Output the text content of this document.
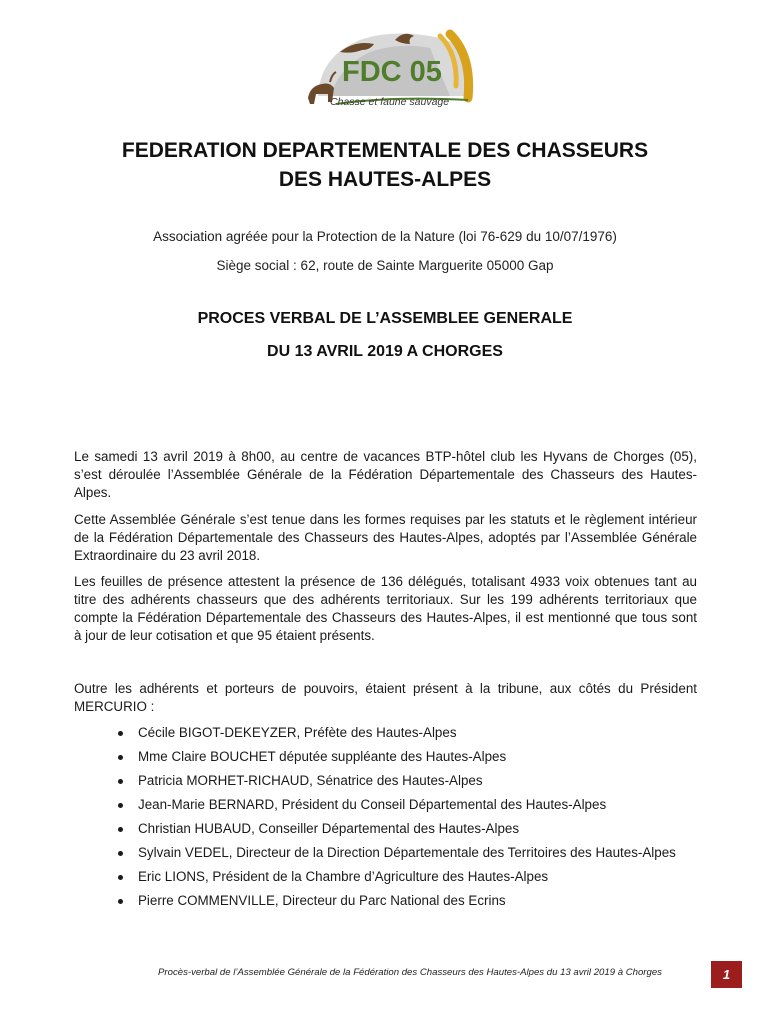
FDC 05
Chasse et faune sauvage
FEDERATION DEPARTEMENTALE DES CHASSEURS
DES HAUTES-ALPES
Association agréée pour la Protection de la Nature (loi 76-629 du 10/07/1976)
Siège social : 62, route de Sainte Marguerite 05000 Gap
PROCES VERBAL DE L’ASSEMBLEE GENERALE
DU 13 AVRIL 2019 A CHORGES
Le samedi 13 avril 2019 à 8h00, au centre de vacances BTP-hôtel club les Hyvans de Chorges (05), s’est déroulée l’Assemblée Générale de la Fédération Départementale des Chasseurs des Hautes-Alpes.
Cette Assemblée Générale s’est tenue dans les formes requises par les statuts et le règlement intérieur de la Fédération Départementale des Chasseurs des Hautes-Alpes, adoptés par l’Assemblée Générale Extraordinaire du 23 avril 2018.
Les feuilles de présence attestent la présence de 136 délégués, totalisant 4933 voix obtenues tant au titre des adhérents chasseurs que des adhérents territoriaux. Sur les 199 adhérents territoriaux que compte la Fédération Départementale des Chasseurs des Hautes-Alpes, il est mentionné que tous sont à jour de leur cotisation et que 95 étaient présents.
Outre les adhérents et porteurs de pouvoirs, étaient présent à la tribune, aux côtés du Président MERCURIO :
Cécile BIGOT-DEKEYZER, Préfète des Hautes-Alpes
Mme Claire BOUCHET députée suppléante des Hautes-Alpes
Patricia MORHET-RICHAUD, Sénatrice des Hautes-Alpes
Jean-Marie BERNARD, Président du Conseil Départemental des Hautes-Alpes
Christian HUBAUD, Conseiller Départemental des Hautes-Alpes
Sylvain VEDEL, Directeur de la Direction Départementale des Territoires des Hautes-Alpes
Eric LIONS, Président de la Chambre d’Agriculture des Hautes-Alpes
Pierre COMMENVILLE, Directeur du Parc National des Ecrins
Procès-verbal de l’Assemblée Générale de la Fédération des Chasseurs des Hautes-Alpes du 13 avril 2019 à Chorges	1
